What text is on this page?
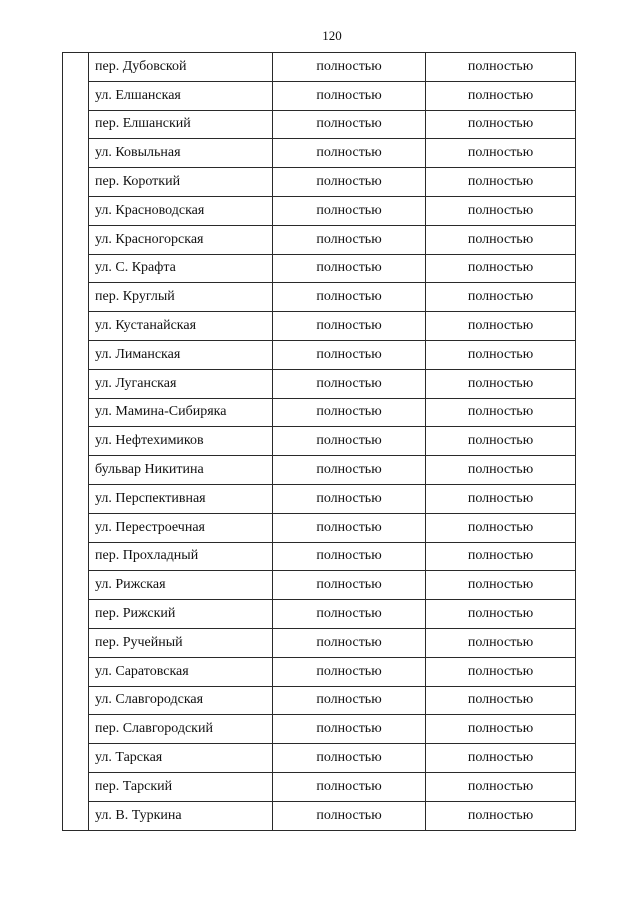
120
	пер. Дубовской	полностью	полностью
	ул. Елшанская	полностью	полностью
	пер. Елшанский	полностью	полностью
	ул. Ковыльная	полностью	полностью
	пер. Короткий	полностью	полностью
	ул. Красноводская	полностью	полностью
	ул. Красногорская	полностью	полностью
	ул. С. Крафта	полностью	полностью
	пер. Круглый	полностью	полностью
	ул. Кустанайская	полностью	полностью
	ул. Лиманская	полностью	полностью
	ул. Луганская	полностью	полностью
	ул. Мамина-Сибиряка	полностью	полностью
	ул. Нефтехимиков	полностью	полностью
	бульвар Никитина	полностью	полностью
	ул. Перспективная	полностью	полностью
	ул. Перестроечная	полностью	полностью
	пер. Прохладный	полностью	полностью
	ул. Рижская	полностью	полностью
	пер. Рижский	полностью	полностью
	пер. Ручейный	полностью	полностью
	ул. Саратовская	полностью	полностью
	ул. Славгородская	полностью	полностью
	пер. Славгородский	полностью	полностью
	ул. Тарская	полностью	полностью
	пер. Тарский	полностью	полностью
	ул. В. Туркина	полностью	полностью
